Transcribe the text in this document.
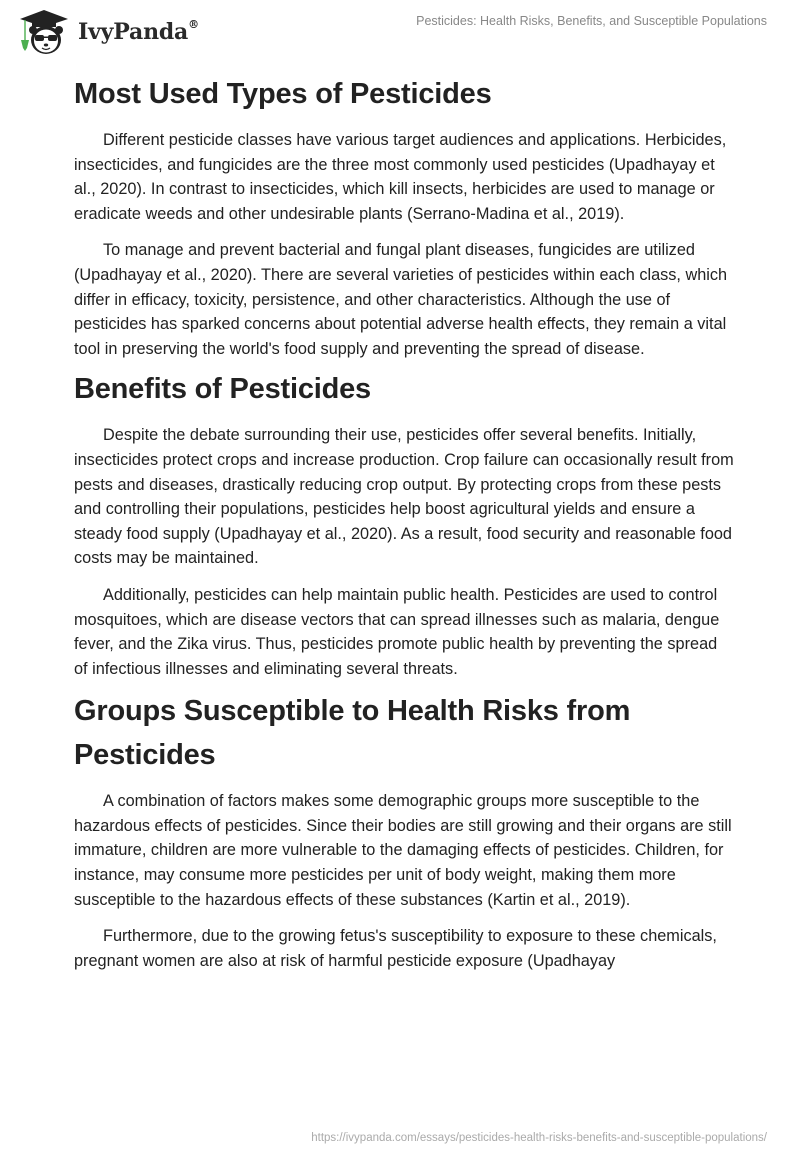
IvyPanda®	Pesticides: Health Risks, Benefits, and Susceptible Populations
Most Used Types of Pesticides

Different pesticide classes have various target audiences and applications. Herbicides, insecticides, and fungicides are the three most commonly used pesticides (Upadhayay et al., 2020). In contrast to insecticides, which kill insects, herbicides are used to manage or eradicate weeds and other undesirable plants (Serrano-Madina et al., 2019).

To manage and prevent bacterial and fungal plant diseases, fungicides are utilized (Upadhayay et al., 2020). There are several varieties of pesticides within each class, which differ in efficacy, toxicity, persistence, and other characteristics. Although the use of pesticides has sparked concerns about potential adverse health effects, they remain a vital tool in preserving the world's food supply and preventing the spread of disease.

Benefits of Pesticides

Despite the debate surrounding their use, pesticides offer several benefits. Initially, insecticides protect crops and increase production. Crop failure can occasionally result from pests and diseases, drastically reducing crop output. By protecting crops from these pests and controlling their populations, pesticides help boost agricultural yields and ensure a steady food supply (Upadhayay et al., 2020). As a result, food security and reasonable food costs may be maintained.

Additionally, pesticides can help maintain public health. Pesticides are used to control mosquitoes, which are disease vectors that can spread illnesses such as malaria, dengue fever, and the Zika virus. Thus, pesticides promote public health by preventing the spread of infectious illnesses and eliminating several threats.

Groups Susceptible to Health Risks from Pesticides

A combination of factors makes some demographic groups more susceptible to the hazardous effects of pesticides. Since their bodies are still growing and their organs are still immature, children are more vulnerable to the damaging effects of pesticides. Children, for instance, may consume more pesticides per unit of body weight, making them more susceptible to the hazardous effects of these substances (Kartin et al., 2019).

Furthermore, due to the growing fetus's susceptibility to exposure to these chemicals, pregnant women are also at risk of harmful pesticide exposure (Upadhayay

https://ivypanda.com/essays/pesticides-health-risks-benefits-and-susceptible-populations/
